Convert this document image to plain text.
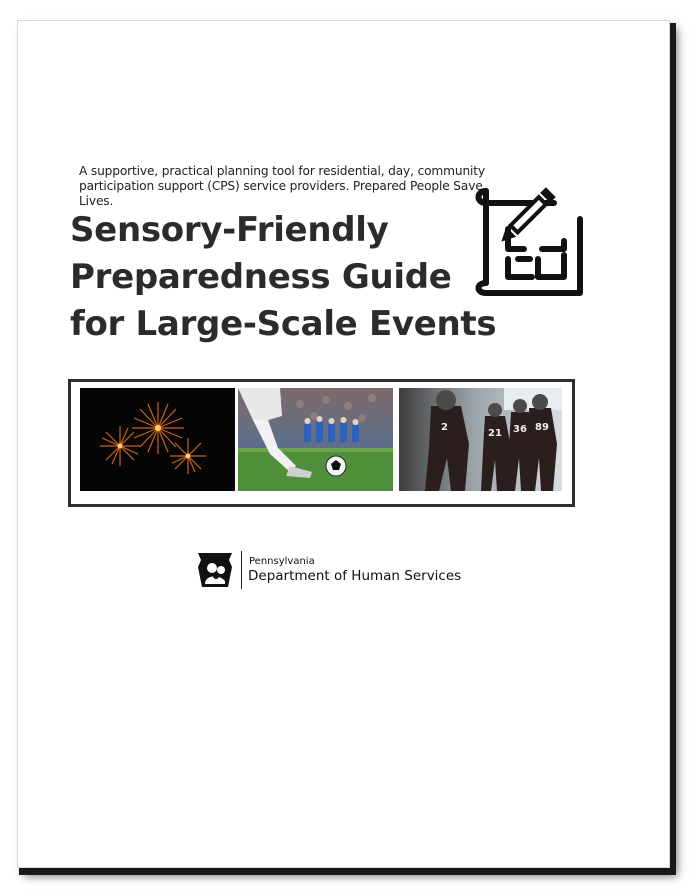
A supportive, practical planning tool for residential, day, community participation support (CPS) service providers. Prepared People Save Lives.

Sensory-Friendly
Preparedness Guide
for Large-Scale Events
2
21 36 89
Pennsylvania
Department of Human Services
